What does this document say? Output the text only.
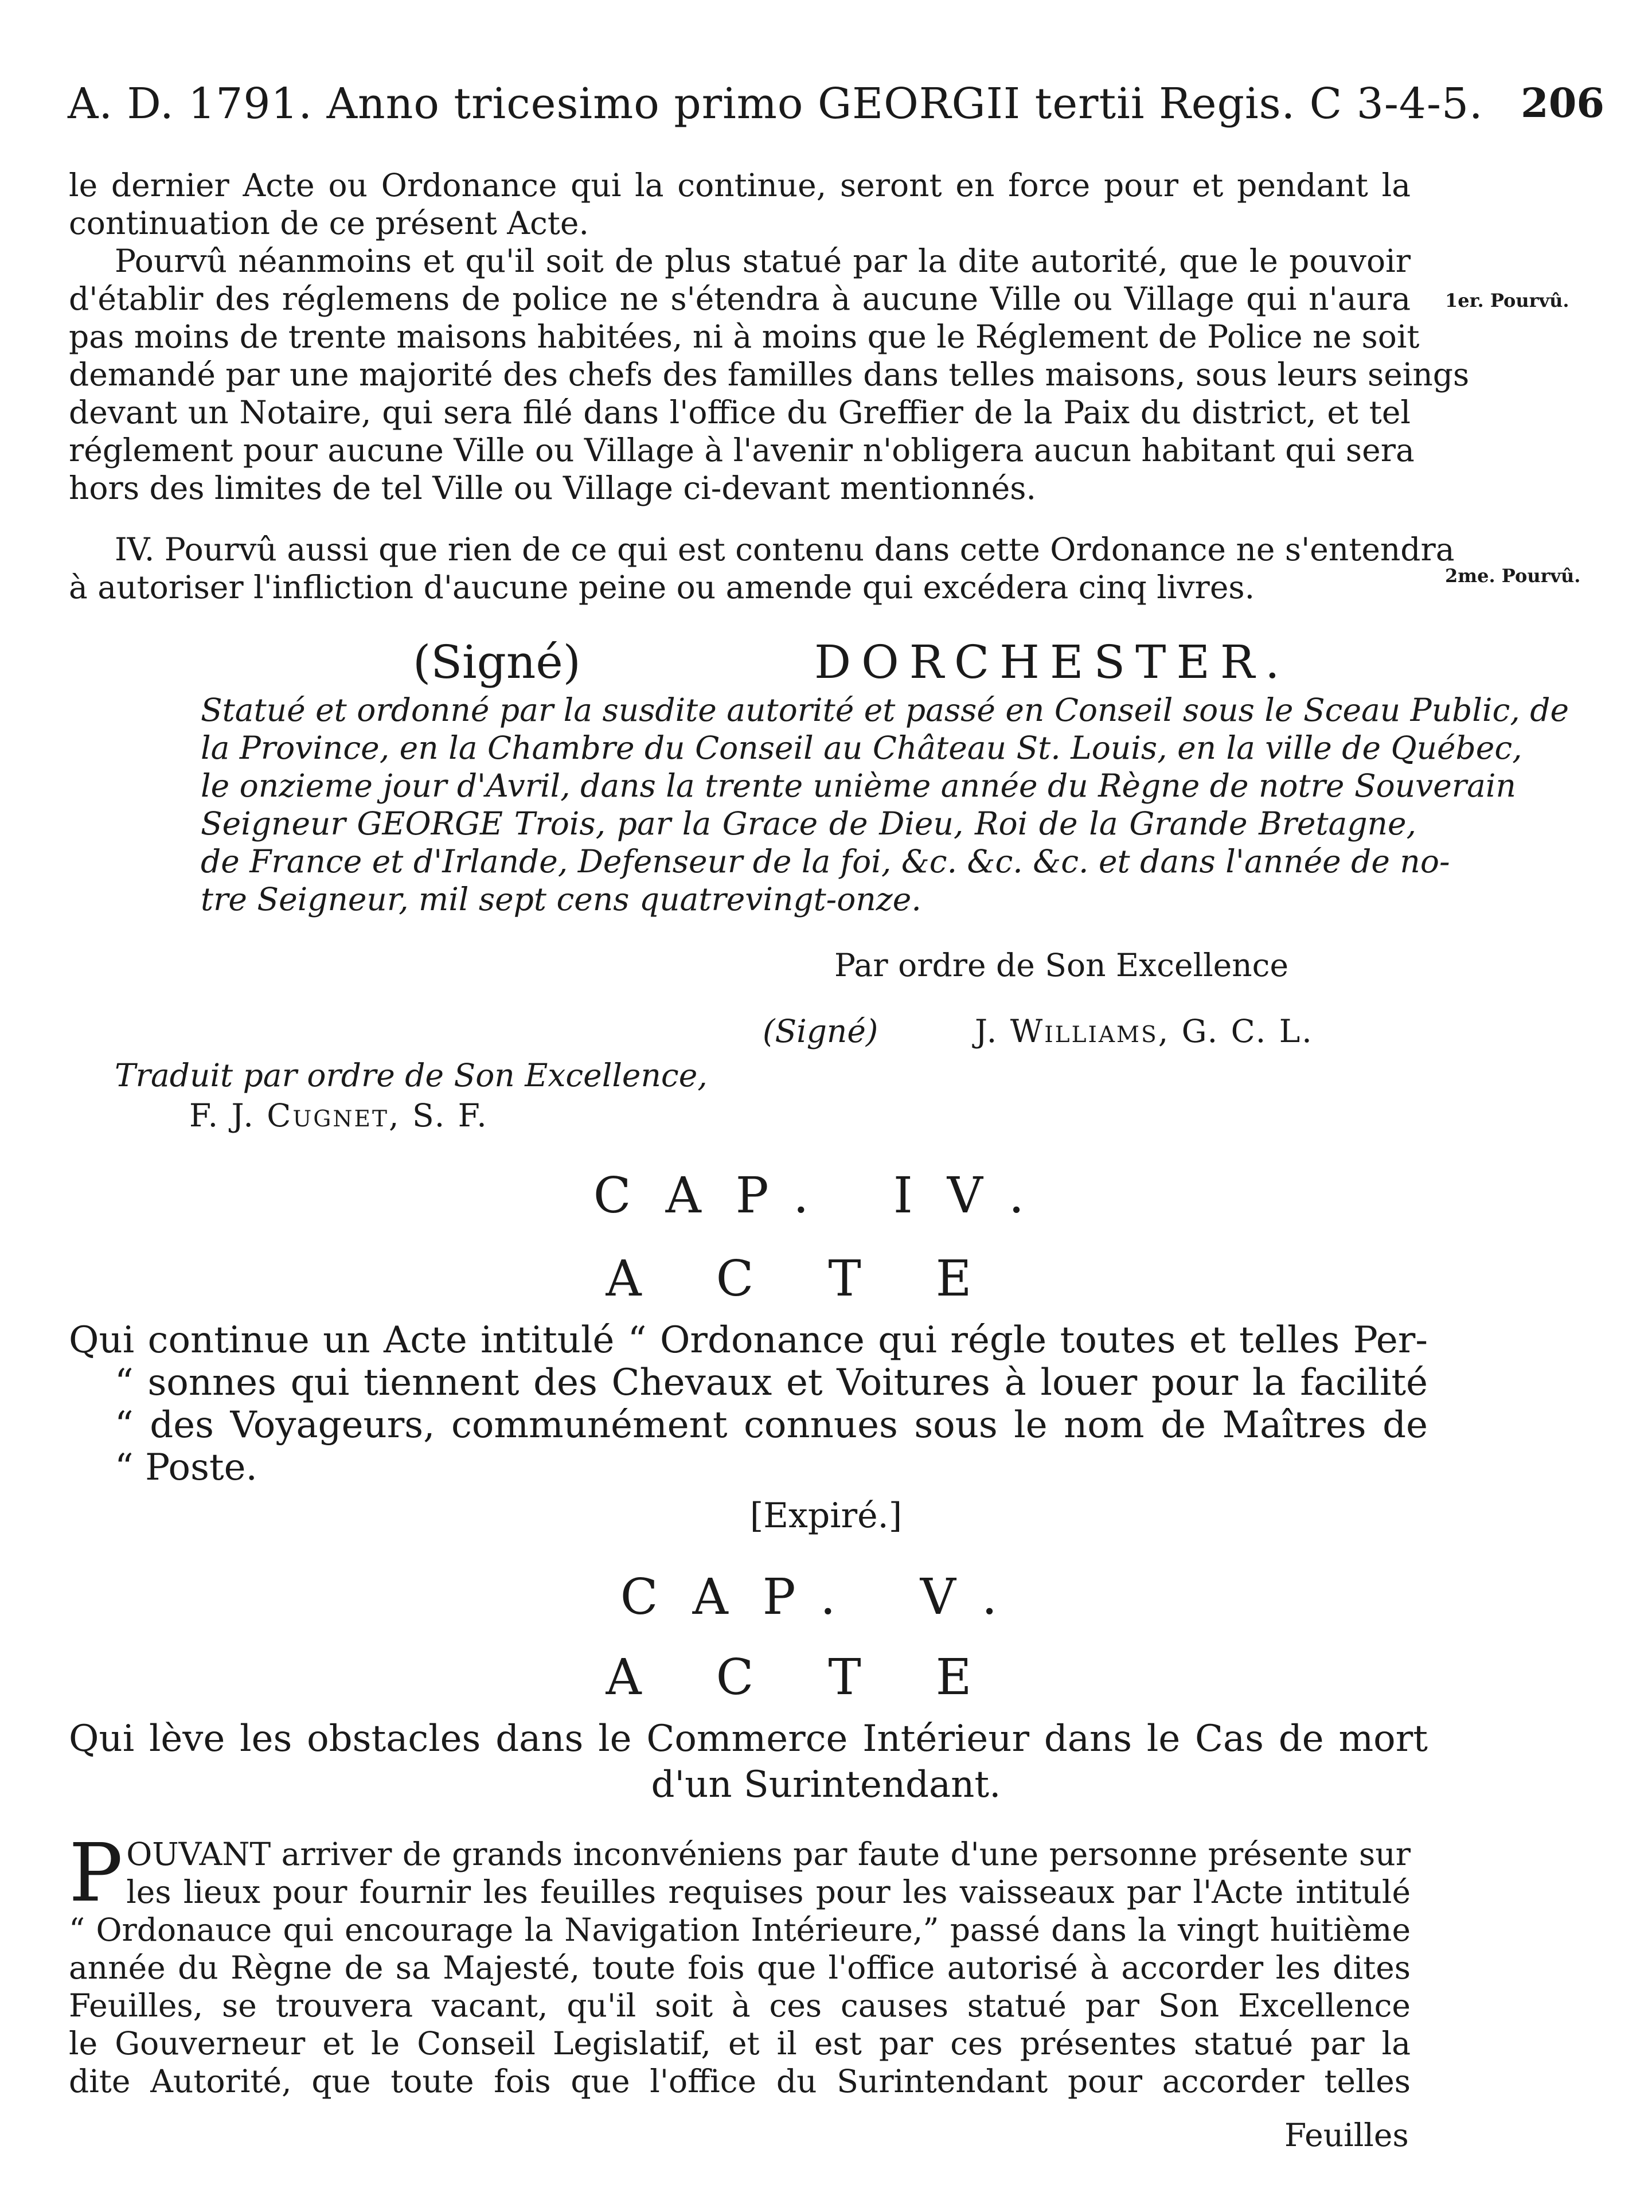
A. D. 1791. Anno tricesimo primo GEORGII tertii Regis. C 3-4-5. 206
le dernier Acte ou Ordonance qui la continue, seront en force pour et pendant la
continuation de ce présent Acte.
Pourvû néanmoins et qu'il soit de plus statué par la dite autorité, que le pouvoir
d'établir des réglemens de police ne s'étendra à aucune Ville ou Village qui n'aura
pas moins de trente maisons habitées, ni à moins que le Réglement de Police ne soit
demandé par une majorité des chefs des familles dans telles maisons, sous leurs seings
devant un Notaire, qui sera filé dans l'office du Greffier de la Paix du district, et tel
réglement pour aucune Ville ou Village à l'avenir n'obligera aucun habitant qui sera
hors des limites de tel Ville ou Village ci-devant mentionnés.
1er. Pourvû.
IV. Pourvû aussi que rien de ce qui est contenu dans cette Ordonance ne s'entendra
à autoriser l'infliction d'aucune peine ou amende qui excédera cinq livres.	2me. Pourvû.
(Signé)	DORCHESTER.
Statué et ordonné par la susdite autorité et passé en Conseil sous le Sceau Public, de
la Province, en la Chambre du Conseil au Château St. Louis, en la ville de Québec,
le onzieme jour d'Avril, dans la trente unième année du Règne de notre Souverain
Seigneur GEORGE Trois, par la Grace de Dieu, Roi de la Grande Bretagne,
de France et d'Irlande, Defenseur de la foi, &c. &c. &c. et dans l'année de no-
tre Seigneur, mil sept cens quatrevingt-onze.
Par ordre de Son Excellence
(Signé)	J. Williams, G. C. L.
Traduit par ordre de Son Excellence,
F. J. Cugnet, S. F.
CAP. IV.
ACTE
Qui continue un Acte intitulé “ Ordonance qui régle toutes et telles Per-
“ sonnes qui tiennent des Chevaux et Voitures à louer pour la facilité
“ des Voyageurs, communément connues sous le nom de Maîtres de
“ Poste.
[Expiré.]
CAP. V.
ACTE
Qui lève les obstacles dans le Commerce Intérieur dans le Cas de mort
d'un Surintendant.
P OUVANT arriver de grands inconvéniens par faute d'une personne présente sur
les lieux pour fournir les feuilles requises pour les vaisseaux par l'Acte intitulé
“ Ordonauce qui encourage la Navigation Intérieure,” passé dans la vingt huitième
année du Règne de sa Majesté, toute fois que l'office autorisé à accorder les dites
Feuilles, se trouvera vacant, qu'il soit à ces causes statué par Son Excellence
le Gouverneur et le Conseil Legislatif, et il est par ces présentes statué par la
dite Autorité, que toute fois que l'office du Surintendant pour accorder telles
Feuilles
